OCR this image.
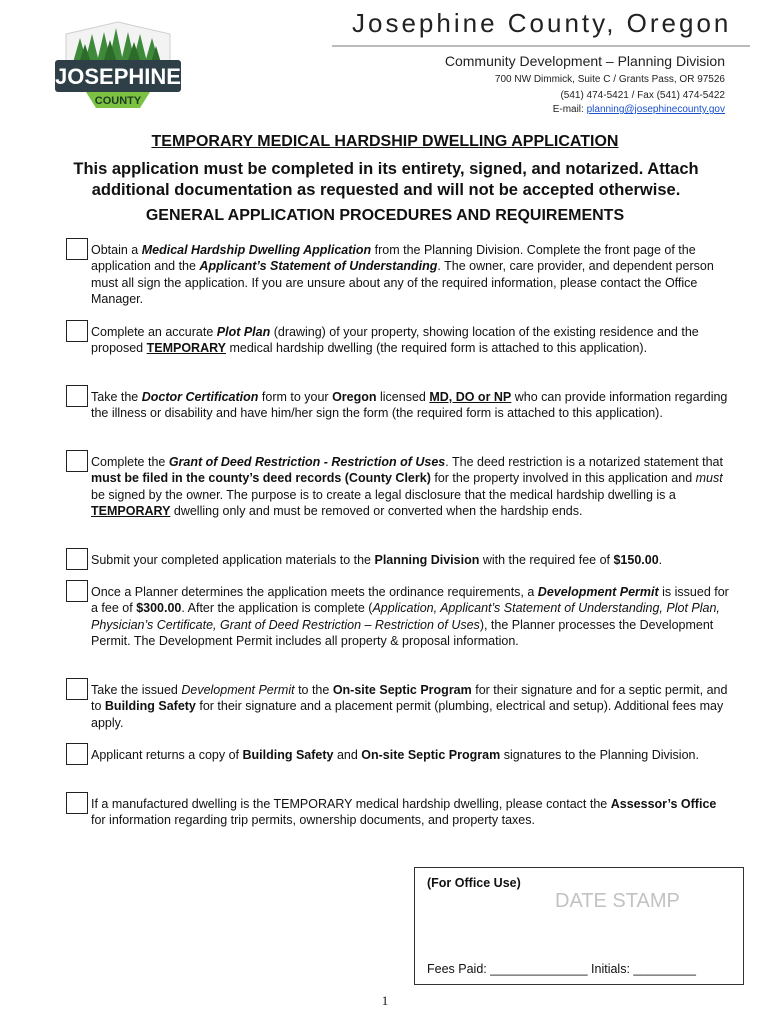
JOSEPHINE
COUNTY
Josephine County, Oregon
Community Development – Planning Division
700 NW Dimmick, Suite C / Grants Pass, OR 97526
(541) 474-5421 / Fax (541) 474-5422
E-mail: planning@josephinecounty.gov
TEMPORARY MEDICAL HARDSHIP DWELLING APPLICATION
This application must be completed in its entirety, signed, and notarized. Attach additional documentation as requested and will not be accepted otherwise.
GENERAL APPLICATION PROCEDURES AND REQUIREMENTS
Obtain a Medical Hardship Dwelling Application from the Planning Division. Complete the front page of the application and the Applicant’s Statement of Understanding. The owner, care provider, and dependent person must all sign the application. If you are unsure about any of the required information, please contact the Office Manager.
Complete an accurate Plot Plan (drawing) of your property, showing location of the existing residence and the proposed TEMPORARY medical hardship dwelling (the required form is attached to this application).
Take the Doctor Certification form to your Oregon licensed MD, DO or NP who can provide information regarding the illness or disability and have him/her sign the form (the required form is attached to this application).
Complete the Grant of Deed Restriction - Restriction of Uses. The deed restriction is a notarized statement that must be filed in the county’s deed records (County Clerk) for the property involved in this application and must be signed by the owner. The purpose is to create a legal disclosure that the medical hardship dwelling is a TEMPORARY dwelling only and must be removed or converted when the hardship ends.
Submit your completed application materials to the Planning Division with the required fee of $150.00.
Once a Planner determines the application meets the ordinance requirements, a Development Permit is issued for a fee of $300.00. After the application is complete (Application, Applicant’s Statement of Understanding, Plot Plan, Physician’s Certificate, Grant of Deed Restriction – Restriction of Uses), the Planner processes the Development Permit. The Development Permit includes all property & proposal information.
Take the issued Development Permit to the On-site Septic Program for their signature and for a septic permit, and to Building Safety for their signature and a placement permit (plumbing, electrical and setup). Additional fees may apply.
Applicant returns a copy of Building Safety and On-site Septic Program signatures to the Planning Division.
If a manufactured dwelling is the TEMPORARY medical hardship dwelling, please contact the Assessor’s Office for information regarding trip permits, ownership documents, and property taxes.
(For Office Use)
DATE STAMP
Fees Paid: ______________ Initials: _________
1
